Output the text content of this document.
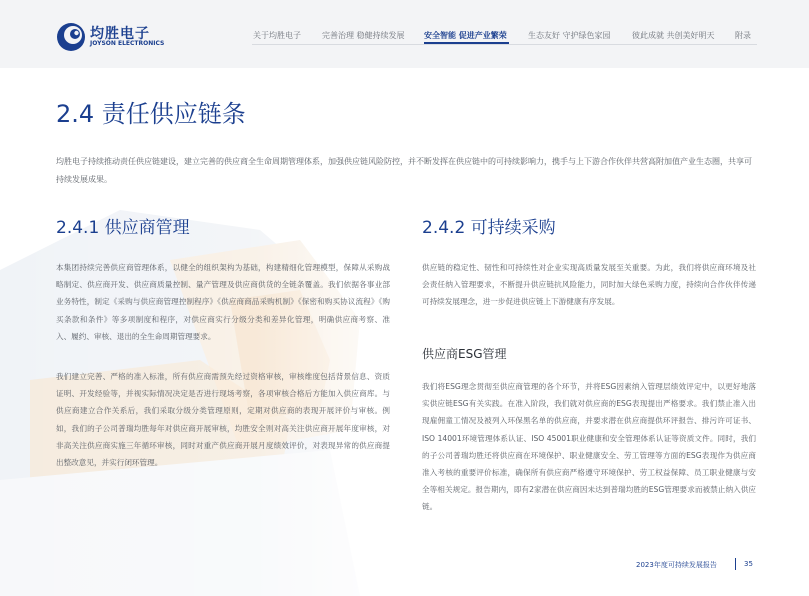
均胜电子
JOYSON ELECTRONICS
关于均胜电子	完善治理 稳健持续发展 安全智能 促进产业繁荣	生态友好 守护绿色家园	彼此成就 共创美好明天	附录
2.4 责任供应链条
均胜电子持续推动责任供应链建设，建立完善的供应商全生命周期管理体系，加强供应链风险防控，并不断发挥在供应链中的可持续影响力，携手与上下游合作伙伴共营高附加值产业生态圈，共享可持续发展成果。
2.4.1 供应商管理
本集团持续完善供应商管理体系，以健全的组织架构为基础，构建精细化管理模型，保障从采购战略制定、供应商开发、供应商质量控制、量产管理及供应商供货的全链条覆盖。我们依据各事业部业务特性，制定《采购与供应商管理控制程序》《供应商商品采购机制》《保密和购买协议流程》《购买条款和条件》等多项制度和程序，对供应商实行分级分类和差异化管理，明确供应商考察、准入、履约、审核、退出的全生命周期管理要求。
我们建立完善、严格的准入标准，所有供应商需预先经过资格审核，审核维度包括背景信息、资质证明、开发经验等，并视实际情况决定是否进行现场考察，各项审核合格后方能加入供应商库。与供应商建立合作关系后，我们采取分级分类管理原则，定期对供应商的表现开展评价与审核。例如，我们的子公司普瑞均胜每年对供应商开展审核，均胜安全则对高关注供应商开展年度审核，对非高关注供应商实施三年循环审核，同时对重产供应商开展月度绩效评价，对表现异常的供应商提出整改意见，并实行闭环管理。
2.4.2 可持续采购
供应链的稳定性、韧性和可持续性对企业实现高质量发展至关重要。为此，我们将供应商环境及社会责任纳入管理要求，不断提升供应链抗风险能力，同时加大绿色采购力度，持续向合作伙伴传递可持续发展理念，进一步促进供应链上下游健康有序发展。
供应商ESG管理
我们将ESG理念贯彻至供应商管理的各个环节，并将ESG因素纳入管理层绩效评定中，以更好地落实供应链ESG有关实践。在准入阶段，我们就对供应商的ESG表现提出严格要求。我们禁止准入出现雇佣童工情况及被列入环保黑名单的供应商，并要求潜在供应商提供环评报告、排污许可证书、ISO 14001环境管理体系认证、ISO 45001职业健康和安全管理体系认证等资质文件。同时，我们的子公司普瑞均胜还将供应商在环境保护、职业健康安全、劳工管理等方面的ESG表现作为供应商准入考核的重要评价标准，确保所有供应商严格遵守环境保护、劳工权益保障、员工职业健康与安全等相关规定。报告期内，即有2家潜在供应商因未达到普瑞均胜的ESG管理要求而被禁止纳入供应链。
2023年度可持续发展报告	35
